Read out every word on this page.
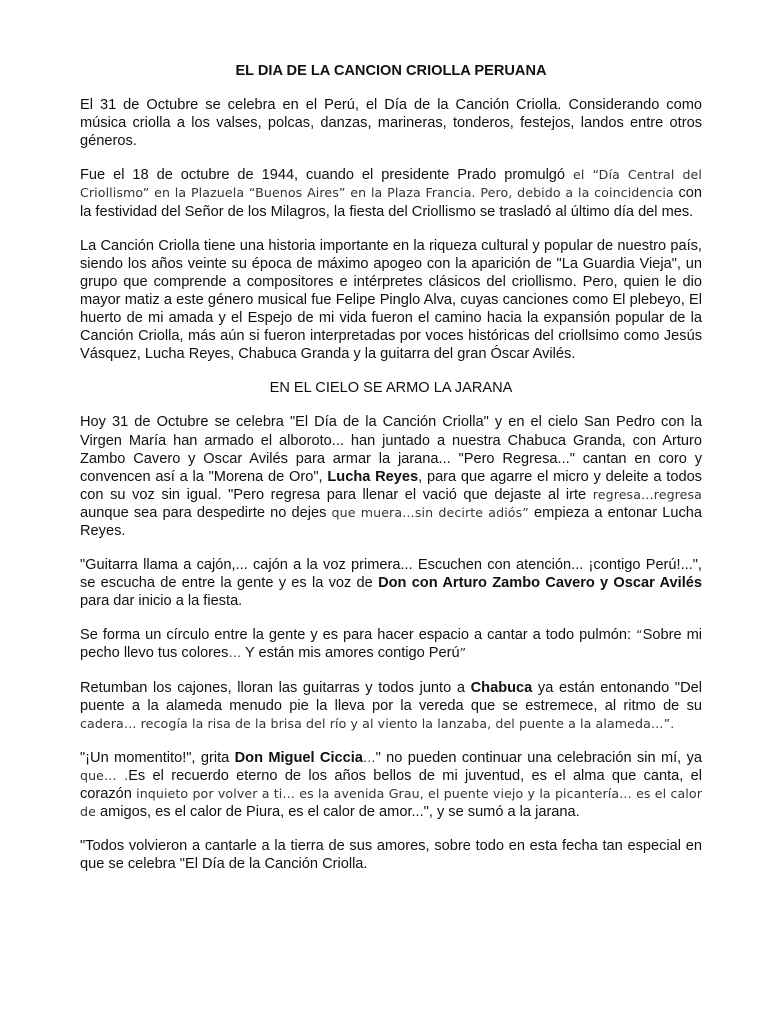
EL DIA DE LA CANCION CRIOLLA PERUANA

El 31 de Octubre se celebra en el Perú, el Día de la Canción Criolla. Considerando como música criolla a los valses, polcas, danzas, marineras, tonderos, festejos, landos entre otros géneros.

Fue el 18 de octubre de 1944, cuando el presidente Prado promulgó el “Día Central del Criollismo” en la Plazuela “Buenos Aires” en la Plaza Francia. Pero, debido a la coincidencia con la festividad del Señor de los Milagros, la fiesta del Criollismo se trasladó al último día del mes.

La Canción Criolla tiene una historia importante en la riqueza cultural y popular de nuestro país, siendo los años veinte su época de máximo apogeo con la aparición de "La Guardia Vieja", un grupo que comprende a compositores e intérpretes clásicos del criollismo. Pero, quien le dio mayor matiz a este género musical fue Felipe Pinglo Alva, cuyas canciones como El plebeyo, El huerto de mi amada y el Espejo de mi vida fueron el camino hacia la expansión popular de la Canción Criolla, más aún si fueron interpretadas por voces históricas del criollsimo como Jesús Vásquez, Lucha Reyes, Chabuca Granda y la guitarra del gran Óscar Avilés.

EN EL CIELO SE ARMO LA JARANA

Hoy 31 de Octubre se celebra "El Día de la Canción Criolla" y en el cielo San Pedro con la Virgen María han armado el alboroto... han juntado a nuestra Chabuca Granda, con Arturo Zambo Cavero y Oscar Avilés para armar la jarana... "Pero Regresa..." cantan en coro y convencen así a la "Morena de Oro", Lucha Reyes, para que agarre el micro y deleite a todos con su voz sin igual. "Pero regresa para llenar el vació que dejaste al irte regresa…regresa aunque sea para despedirte no dejes que muera…sin decirte adiós” empieza a entonar Lucha Reyes.

"Guitarra llama a cajón,... cajón a la voz primera... Escuchen con atención... ¡contigo Perú!...", se escucha de entre la gente y es la voz de Don con Arturo Zambo Cavero y Oscar Avilés para dar inicio a la fiesta.

Se forma un círculo entre la gente y es para hacer espacio a cantar a todo pulmón: “Sobre mi pecho llevo tus colores… Y están mis amores contigo Perú”

Retumban los cajones, lloran las guitarras y todos junto a Chabuca ya están entonando "Del puente a la alameda menudo pie la lleva por la vereda que se estremece, al ritmo de su cadera… recogía la risa de la brisa del río y al viento la lanzaba, del puente a la alameda…”.

"¡Un momentito!", grita Don Miguel Ciccia…" no pueden continuar una celebración sin mí, ya que… .Es el recuerdo eterno de los años bellos de mi juventud, es el alma que canta, el corazón inquieto por volver a ti… es la avenida Grau, el puente viejo y la picantería… es el calor de amigos, es el calor de Piura, es el calor de amor...", y se sumó a la jarana.

"Todos volvieron a cantarle a la tierra de sus amores, sobre todo en esta fecha tan especial en que se celebra "El Día de la Canción Criolla.
